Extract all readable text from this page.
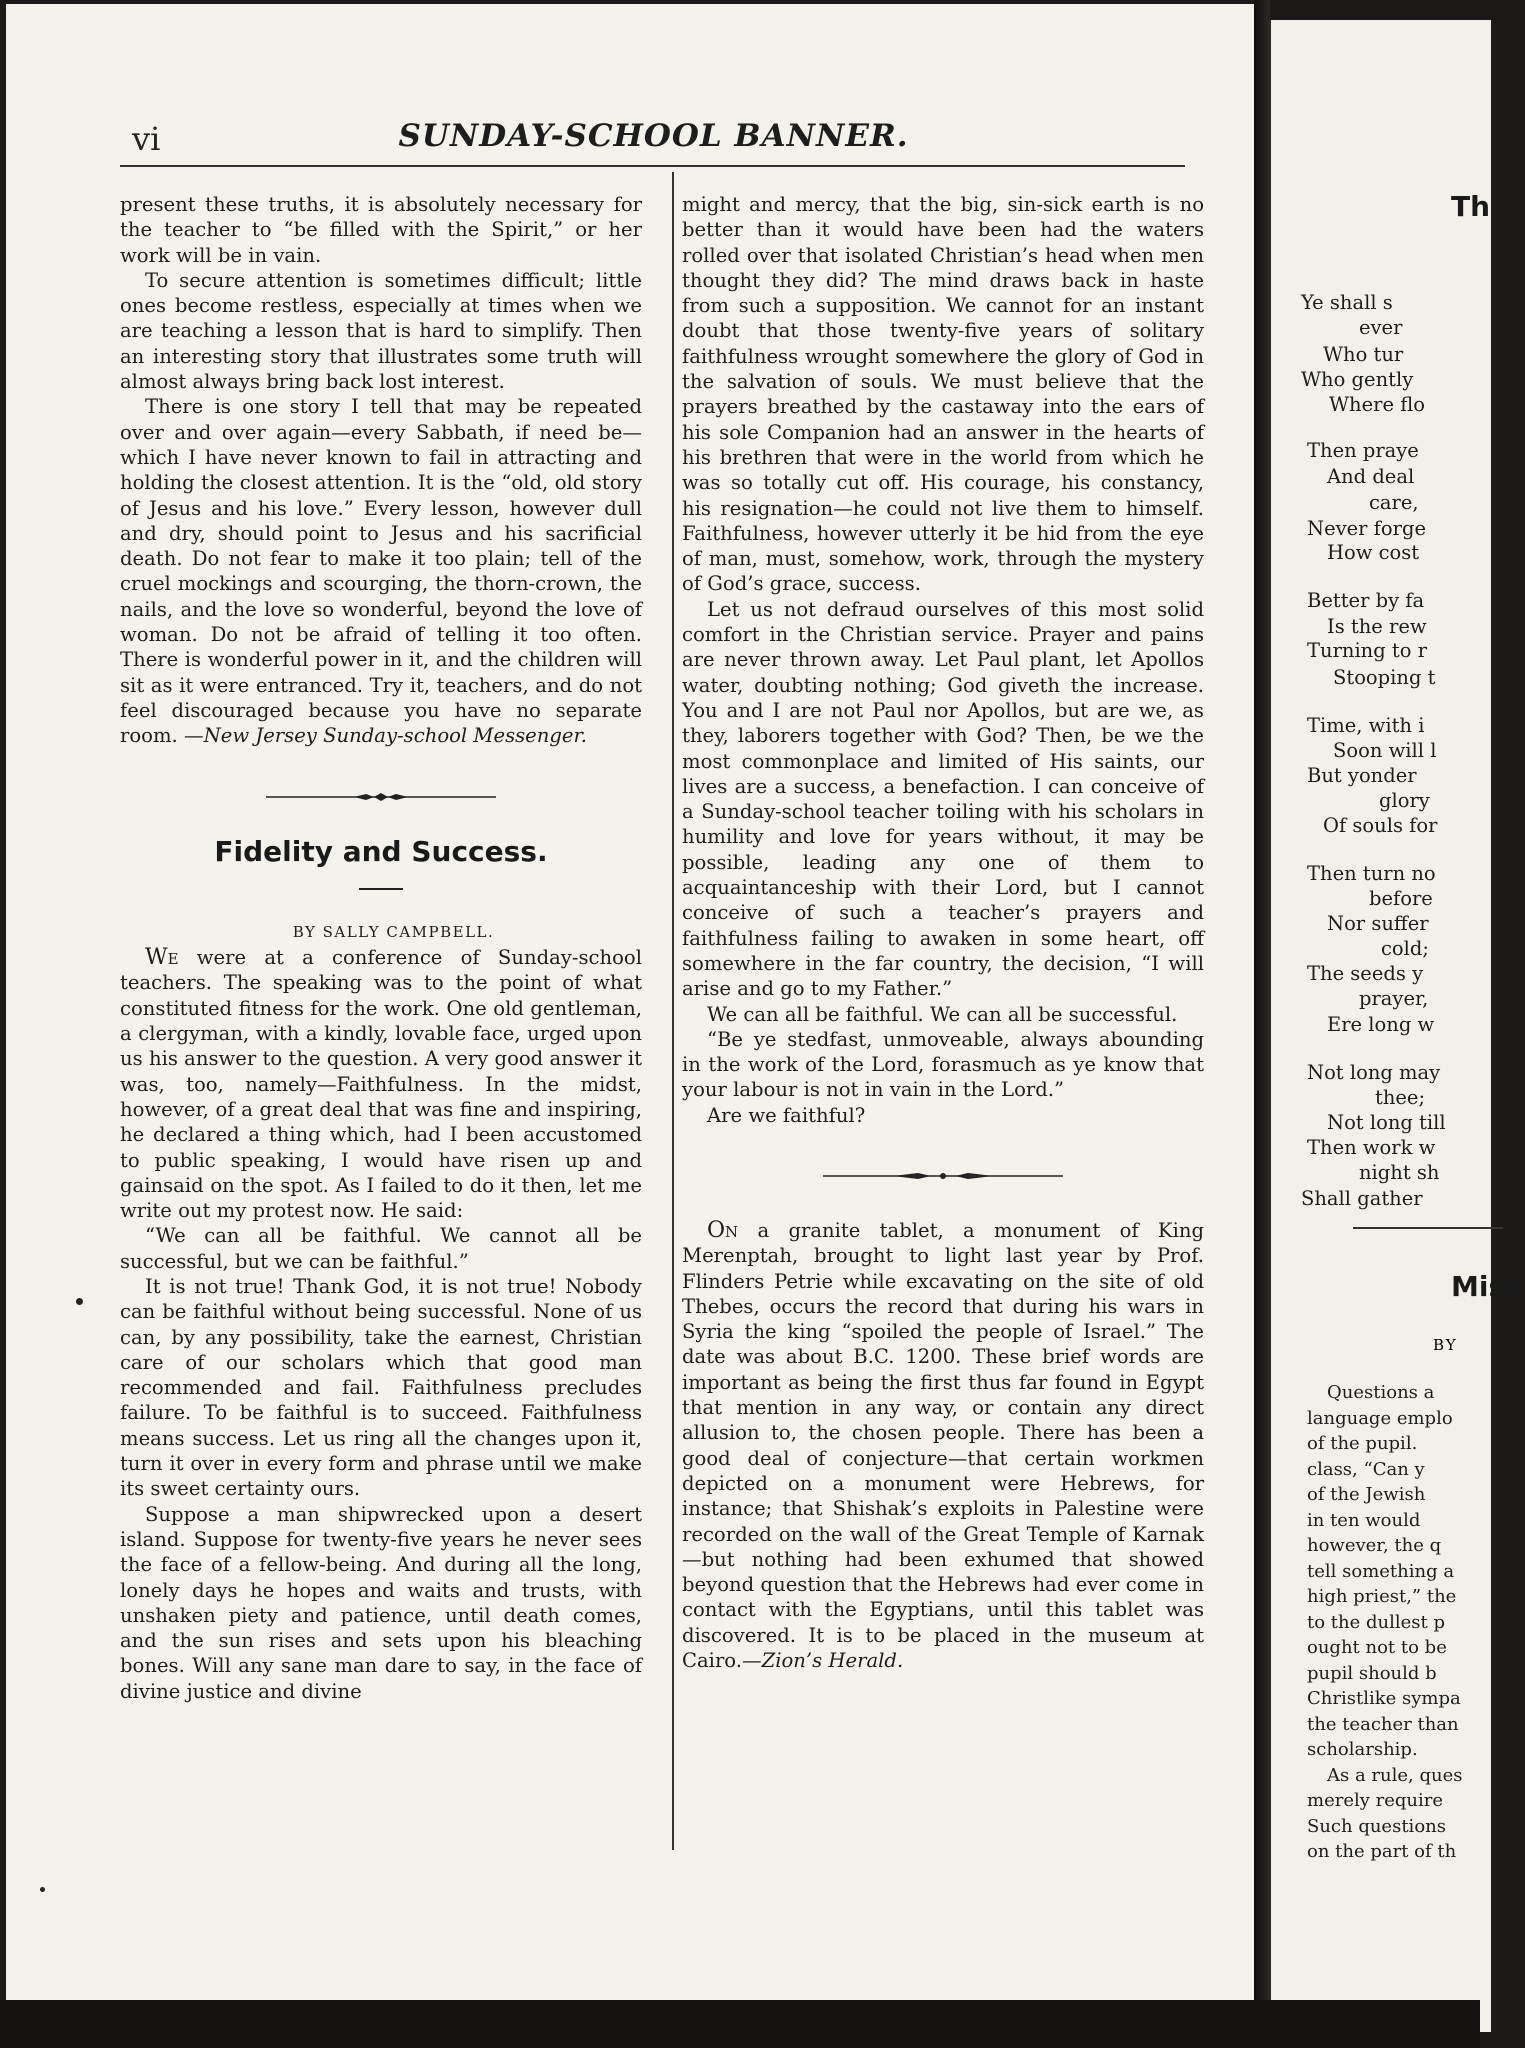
vi	SUNDAY-SCHOOL BANNER.

present these truths, it is absolutely necessary for the teacher to “be filled with the Spirit,” or her work will be in vain.

To secure attention is sometimes difficult; little ones become restless, especially at times when we are teaching a lesson that is hard to simplify. Then an interesting story that illustrates some truth will almost always bring back lost interest.

There is one story I tell that may be repeated over and over again—every Sabbath, if need be—which I have never known to fail in attracting and holding the closest attention. It is the “old, old story of Jesus and his love.” Every lesson, however dull and dry, should point to Jesus and his sacrificial death. Do not fear to make it too plain; tell of the cruel mockings and scourging, the thorn-crown, the nails, and the love so wonderful, beyond the love of woman. Do not be afraid of telling it too often. There is wonderful power in it, and the children will sit as it were entranced. Try it, teachers, and do not feel discouraged because you have no separate room. —New Jersey Sunday-school Messenger.

Fidelity and Success.

BY SALLY CAMPBELL.

We were at a conference of Sunday-school teachers. The speaking was to the point of what constituted fitness for the work. One old gentleman, a clergyman, with a kindly, lovable face, urged upon us his answer to the question. A very good answer it was, too, namely—Faithfulness. In the midst, however, of a great deal that was fine and inspiring, he declared a thing which, had I been accustomed to public speaking, I would have risen up and gainsaid on the spot. As I failed to do it then, let me write out my protest now. He said:

“We can all be faithful. We cannot all be successful, but we can be faithful.”

It is not true! Thank God, it is not true! Nobody can be faithful without being successful. None of us can, by any possibility, take the earnest, Christian care of our scholars which that good man recommended and fail. Faithfulness precludes failure. To be faithful is to succeed. Faithfulness means success. Let us ring all the changes upon it, turn it over in every form and phrase until we make its sweet certainty ours.

Suppose a man shipwrecked upon a desert island. Suppose for twenty-five years he never sees the face of a fellow-being. And during all the long, lonely days he hopes and waits and trusts, with unshaken piety and patience, until death comes, and the sun rises and sets upon his bleaching bones. Will any sane man dare to say, in the face of divine justice and divine

might and mercy, that the big, sin-sick earth is no better than it would have been had the waters rolled over that isolated Christian’s head when men thought they did? The mind draws back in haste from such a supposition. We cannot for an instant doubt that those twenty-five years of solitary faithfulness wrought somewhere the glory of God in the salvation of souls. We must believe that the prayers breathed by the castaway into the ears of his sole Companion had an answer in the hearts of his brethren that were in the world from which he was so totally cut off. His courage, his constancy, his resignation—he could not live them to himself. Faithfulness, however utterly it be hid from the eye of man, must, somehow, work, through the mystery of God’s grace, success.

Let us not defraud ourselves of this most solid comfort in the Christian service. Prayer and pains are never thrown away. Let Paul plant, let Apollos water, doubting nothing; God giveth the increase. You and I are not Paul nor Apollos, but are we, as they, laborers together with God? Then, be we the most commonplace and limited of His saints, our lives are a success, a benefaction. I can conceive of a Sunday-school teacher toiling with his scholars in humility and love for years without, it may be possible, leading any one of them to acquaintanceship with their Lord, but I cannot conceive of such a teacher’s prayers and faithfulness failing to awaken in some heart, off somewhere in the far country, the decision, “I will arise and go to my Father.”

We can all be faithful. We can all be successful.

“Be ye stedfast, unmoveable, always abounding in the work of the Lord, forasmuch as ye know that your labour is not in vain in the Lord.”

Are we faithful?

On a granite tablet, a monument of King Merenptah, brought to light last year by Prof. Flinders Petrie while excavating on the site of old Thebes, occurs the record that during his wars in Syria the king “spoiled the people of Israel.” The date was about B.C. 1200. These brief words are important as being the first thus far found in Egypt that mention in any way, or contain any direct allusion to, the chosen people. There has been a good deal of conjecture—that certain workmen depicted on a monument were Hebrews, for instance; that Shishak’s exploits in Palestine were recorded on the wall of the Great Temple of Karnak—but nothing had been exhumed that showed beyond question that the Hebrews had ever come in contact with the Egyptians, until this tablet was discovered. It is to be placed in the museum at Cairo.—Zion’s Herald.

Th
Ye shall s
ever
Who tur
Who gently
Where flo
Then praye
And deal
care,
Never forge
How cost
Better by fa
Is the rew
Turning to r
Stooping t
Time, with i
Soon will l
But yonder
glory
Of souls for
Then turn no
before
Nor suffer
cold;
The seeds y
prayer,
Ere long w
Not long may
thee;
Not long till
Then work w
night sh
Shall gather
Misu
BY
Questions a
language emplo
of the pupil.
class, “Can y
of the Jewish
in ten would
however, the q
tell something a
high priest,” the
to the dullest p
ought not to be
pupil should b
Christlike sympa
the teacher than
scholarship.
As a rule, ques
merely require
Such questions
on the part of th
